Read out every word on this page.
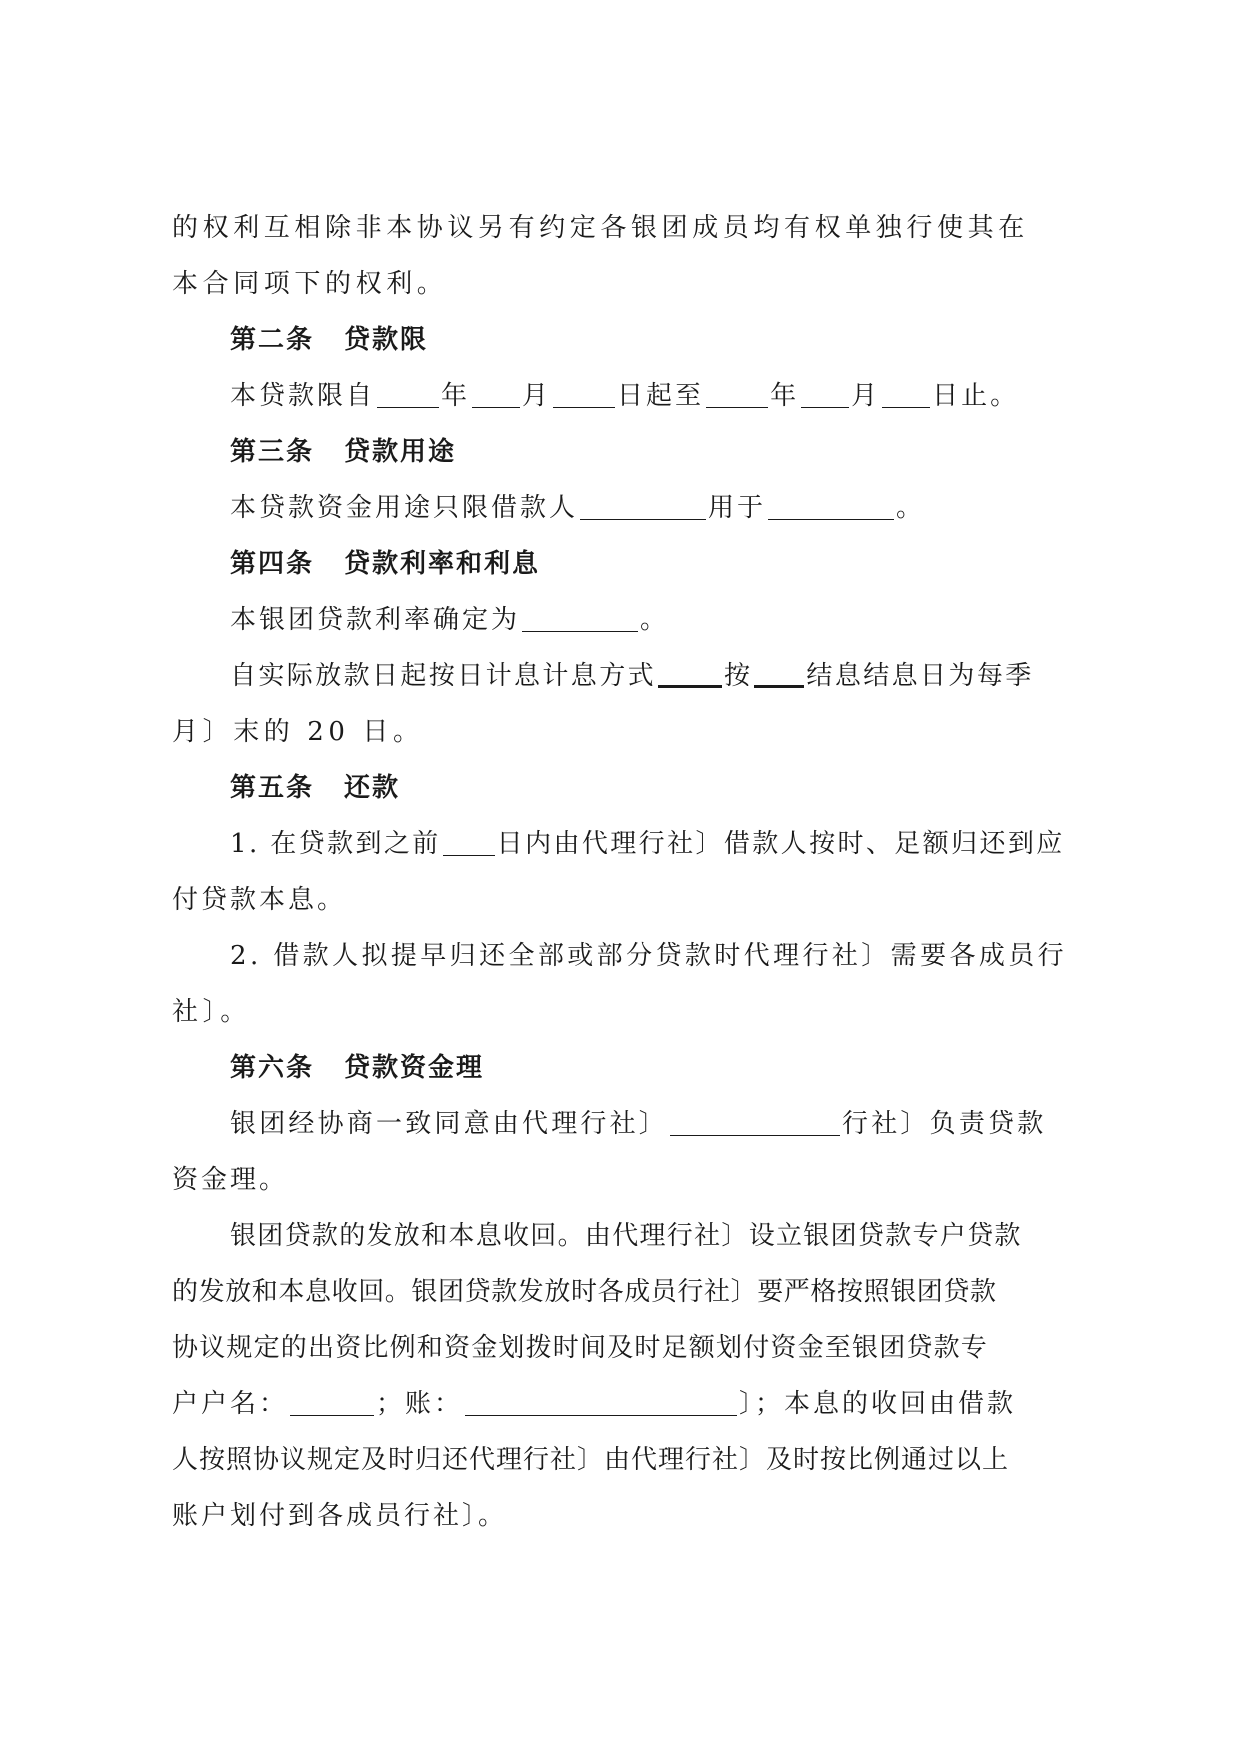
的权利互相除非本协议另有约定各银团成员均有权单独行使其在
本合同项下的权利。
第二条 贷款限
本贷款限自	年 月	日起至	年 月 日止。
第三条 贷款用途
本贷款资金用途只限借款人	用于	。
第四条 贷款利率和利息
本银团贷款利率确定为	。
自实际放款日起按日计息计息方式	按 结息结息日为每季
月〕末的 20 日。
第五条 还款
1. 在贷款到之前 日内由代理行社〕借款人按时、足额归还到应
付贷款本息。
2. 借款人拟提早归还全部或部分贷款时代理行社〕需要各成员行
社〕。
第六条 贷款资金理
银团经协商一致同意由代理行社〕	行社〕负责贷款
资金理。
银团贷款的发放和本息收回。由代理行社〕设立银团贷款专户贷款
的发放和本息收回。银团贷款发放时各成员行社〕要严格按照银团贷款
协议规定的出资比例和资金划拨时间及时足额划付资金至银团贷款专
户户名：	；账：	〕；本息的收回由借款
人按照协议规定及时归还代理行社〕由代理行社〕及时按比例通过以上
账户划付到各成员行社〕。
